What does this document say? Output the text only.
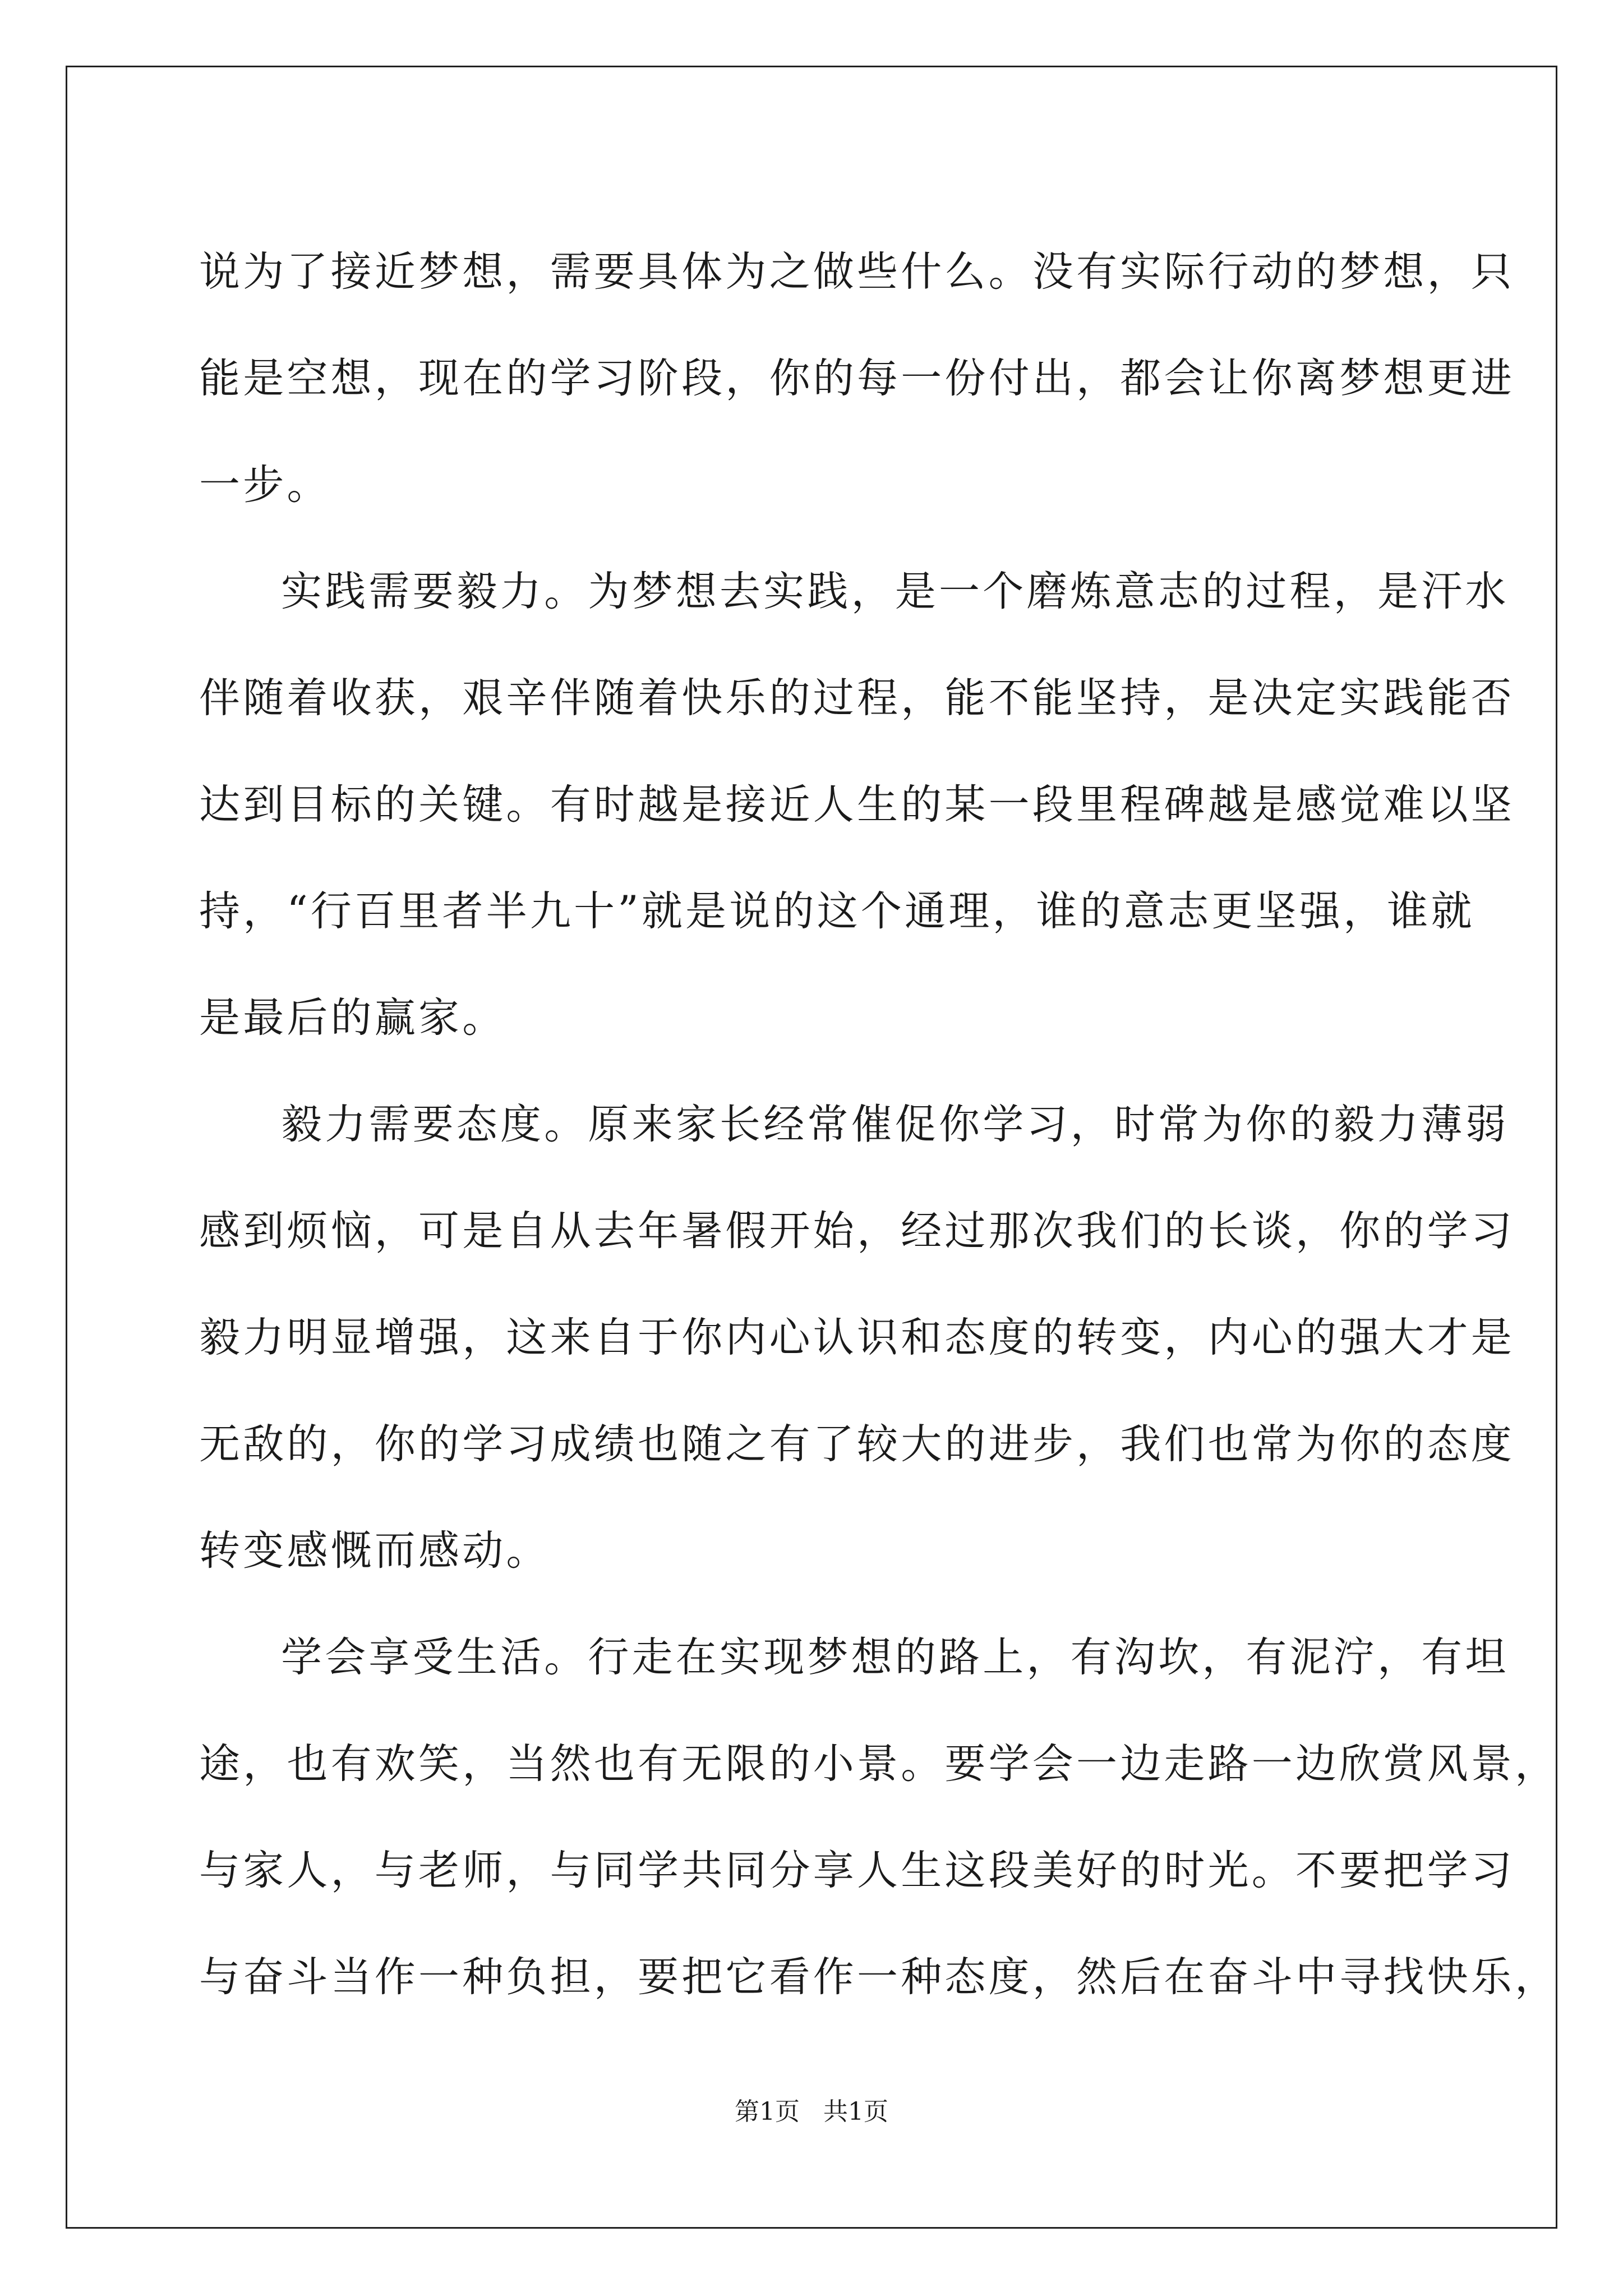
说为了接近梦想，需要具体为之做些什么。没有实际行动的梦想，只
能是空想，现在的学习阶段，你的每一份付出，都会让你离梦想更进
一步。

实践需要毅力。为梦想去实践，是一个磨炼意志的过程，是汗水
伴随着收获，艰辛伴随着快乐的过程，能不能坚持，是决定实践能否
达到目标的关键。有时越是接近人生的某一段里程碑越是感觉难以坚
持，“行百里者半九十”就是说的这个通理，谁的意志更坚强，谁就
是最后的赢家。

毅力需要态度。原来家长经常催促你学习，时常为你的毅力薄弱
感到烦恼，可是自从去年暑假开始，经过那次我们的长谈，你的学习
毅力明显增强，这来自于你内心认识和态度的转变，内心的强大才是
无敌的，你的学习成绩也随之有了较大的进步，我们也常为你的态度
转变感慨而感动。

学会享受生活。行走在实现梦想的路上，有沟坎，有泥泞，有坦
途，也有欢笑，当然也有无限的小景。要学会一边走路一边欣赏风景，
与家人，与老师，与同学共同分享人生这段美好的时光。不要把学习
与奋斗当作一种负担，要把它看作一种态度，然后在奋斗中寻找快乐，

第1页 共1页
